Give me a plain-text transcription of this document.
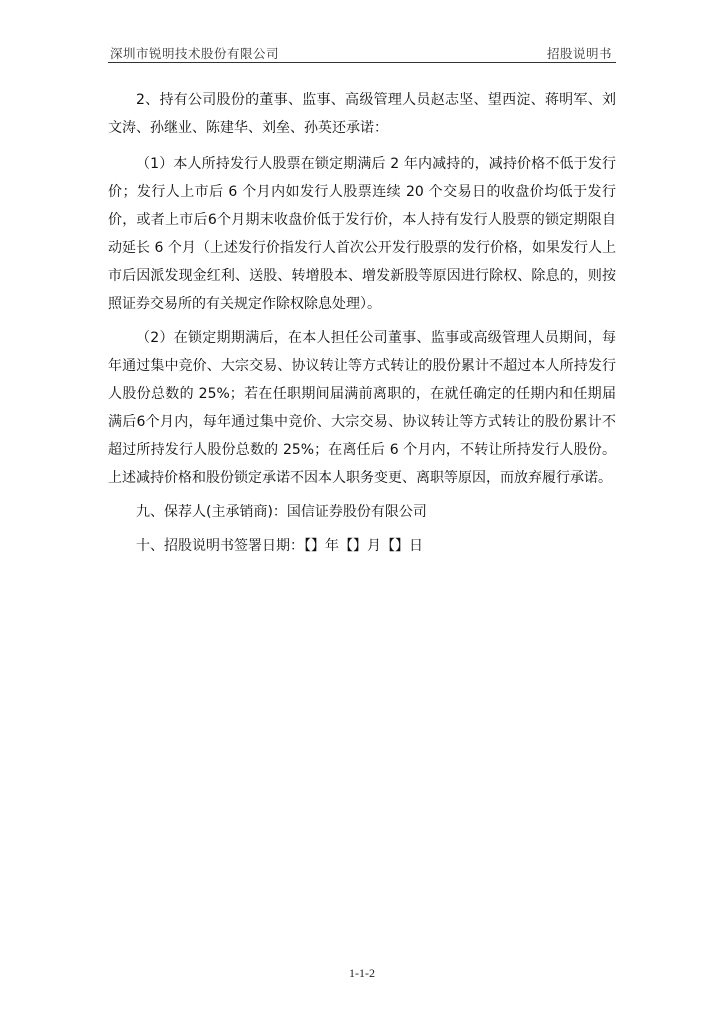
深圳市锐明技术股份有限公司	招股说明书

2、持有公司股份的董事、监事、高级管理人员赵志坚、望西淀、蒋明军、刘文涛、孙继业、陈建华、刘垒、孙英还承诺：

（1）本人所持发行人股票在锁定期满后 2 年内减持的，减持价格不低于发行价；发行人上市后 6 个月内如发行人股票连续 20 个交易日的收盘价均低于发行价，或者上市后6个月期末收盘价低于发行价，本人持有发行人股票的锁定期限自动延长 6 个月（上述发行价指发行人首次公开发行股票的发行价格，如果发行人上市后因派发现金红利、送股、转增股本、增发新股等原因进行除权、除息的，则按照证券交易所的有关规定作除权除息处理）。

（2）在锁定期期满后，在本人担任公司董事、监事或高级管理人员期间，每年通过集中竞价、大宗交易、协议转让等方式转让的股份累计不超过本人所持发行人股份总数的 25%；若在任职期间届满前离职的，在就任确定的任期内和任期届满后6个月内，每年通过集中竞价、大宗交易、协议转让等方式转让的股份累计不超过所持发行人股份总数的 25%；在离任后 6 个月内，不转让所持发行人股份。上述减持价格和股份锁定承诺不因本人职务变更、离职等原因，而放弃履行承诺。

九、保荐人(主承销商)：国信证券股份有限公司

十、招股说明书签署日期：【】年【】月【】日

1-1-2
